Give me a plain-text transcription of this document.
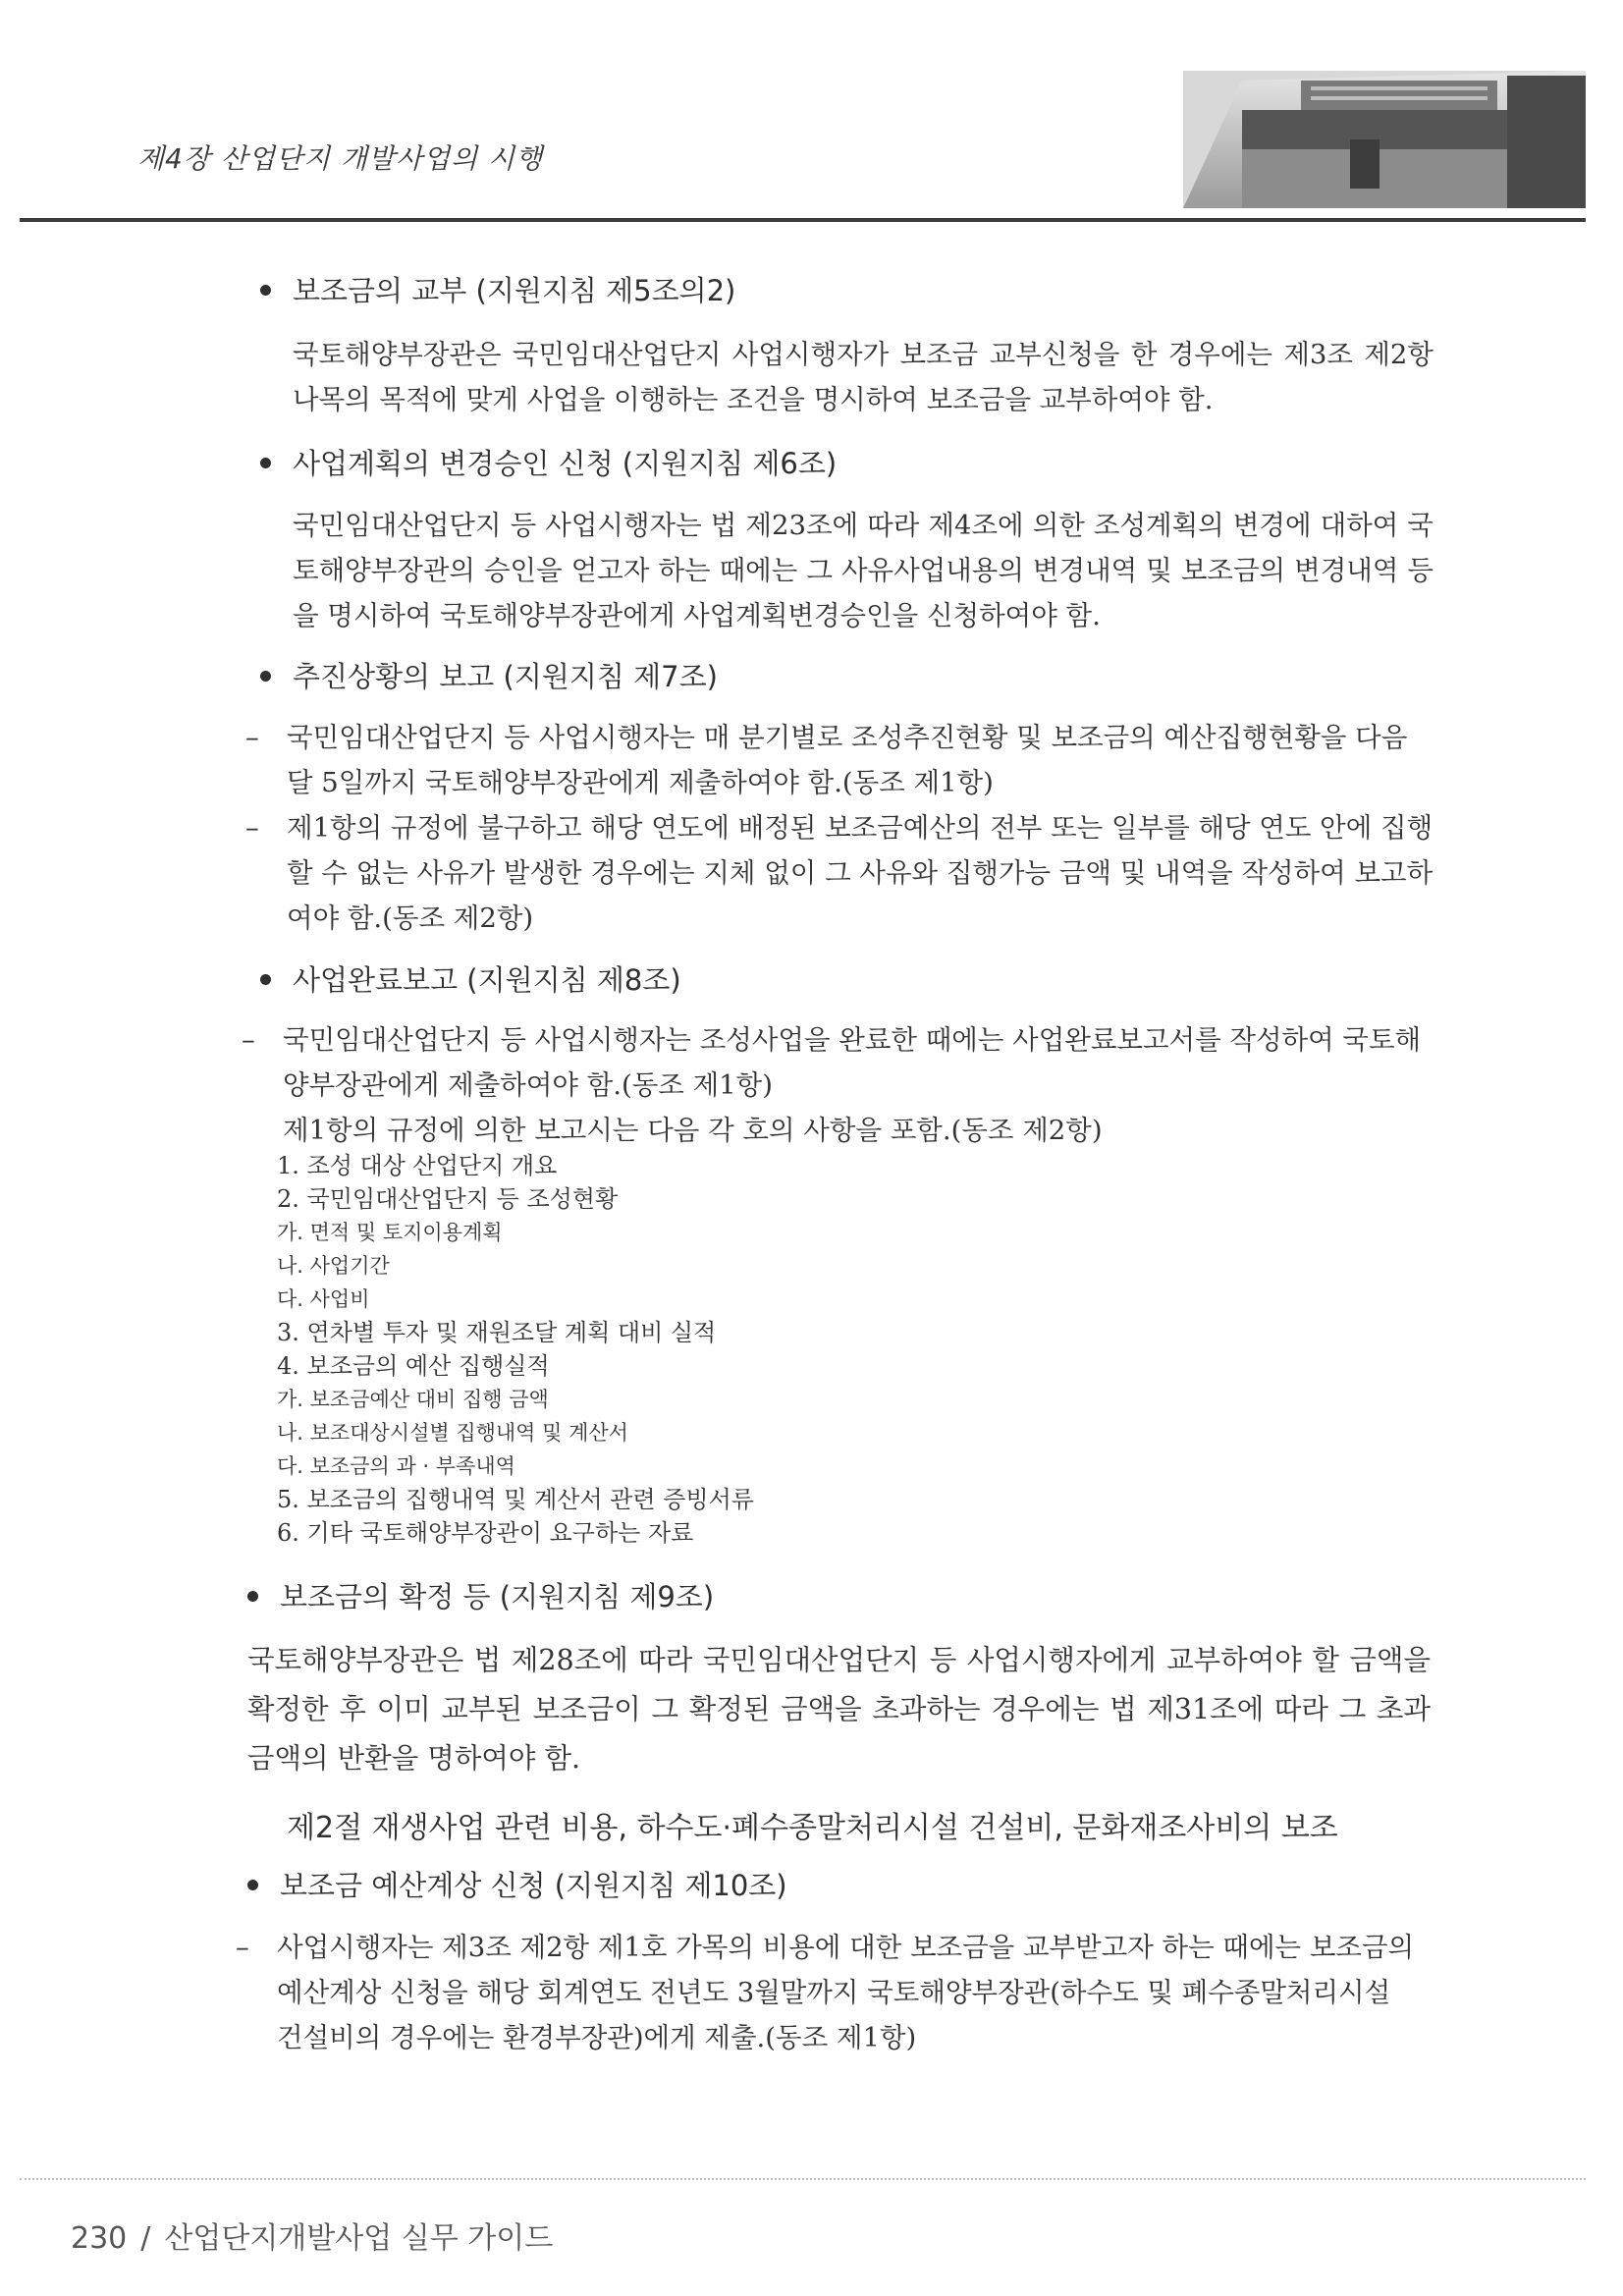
제4장 산업단지 개발사업의 시행
보조금의 교부 (지원지침 제5조의2)
국토해양부장관은 국민임대산업단지 사업시행자가 보조금 교부신청을 한 경우에는 제3조 제2항 나목의 목적에 맞게 사업을 이행하는 조건을 명시하여 보조금을 교부하여야 함.
사업계획의 변경승인 신청 (지원지침 제6조)
국민임대산업단지 등 사업시행자는 법 제23조에 따라 제4조에 의한 조성계획의 변경에 대하여 국토해양부장관의 승인을 얻고자 하는 때에는 그 사유사업내용의 변경내역 및 보조금의 변경내역 등을 명시하여 국토해양부장관에게 사업계획변경승인을 신청하여야 함.
추진상황의 보고 (지원지침 제7조)
– 국민임대산업단지 등 사업시행자는 매 분기별로 조성추진현황 및 보조금의 예산집행현황을 다음 달 5일까지 국토해양부장관에게 제출하여야 함.(동조 제1항)
– 제1항의 규정에 불구하고 해당 연도에 배정된 보조금예산의 전부 또는 일부를 해당 연도 안에 집행할 수 없는 사유가 발생한 경우에는 지체 없이 그 사유와 집행가능 금액 및 내역을 작성하여 보고하여야 함.(동조 제2항)
사업완료보고 (지원지침 제8조)
– 국민임대산업단지 등 사업시행자는 조성사업을 완료한 때에는 사업완료보고서를 작성하여 국토해양부장관에게 제출하여야 함.(동조 제1항)
제1항의 규정에 의한 보고시는 다음 각 호의 사항을 포함.(동조 제2항)
1. 조성 대상 산업단지 개요
2. 국민임대산업단지 등 조성현황
가. 면적 및 토지이용계획
나. 사업기간
다. 사업비
3. 연차별 투자 및 재원조달 계획 대비 실적
4. 보조금의 예산 집행실적
가. 보조금예산 대비 집행 금액
나. 보조대상시설별 집행내역 및 계산서
다. 보조금의 과 · 부족내역
5. 보조금의 집행내역 및 계산서 관련 증빙서류
6. 기타 국토해양부장관이 요구하는 자료
보조금의 확정 등 (지원지침 제9조)
국토해양부장관은 법 제28조에 따라 국민임대산업단지 등 사업시행자에게 교부하여야 할 금액을 확정한 후 이미 교부된 보조금이 그 확정된 금액을 초과하는 경우에는 법 제31조에 따라 그 초과금액의 반환을 명하여야 함.
제2절 재생사업 관련 비용, 하수도·폐수종말처리시설 건설비, 문화재조사비의 보조
보조금 예산계상 신청 (지원지침 제10조)
– 사업시행자는 제3조 제2항 제1호 가목의 비용에 대한 보조금을 교부받고자 하는 때에는 보조금의 예산계상 신청을 해당 회계연도 전년도 3월말까지 국토해양부장관(하수도 및 폐수종말처리시설 건설비의 경우에는 환경부장관)에게 제출.(동조 제1항)
230 / 산업단지개발사업 실무 가이드
